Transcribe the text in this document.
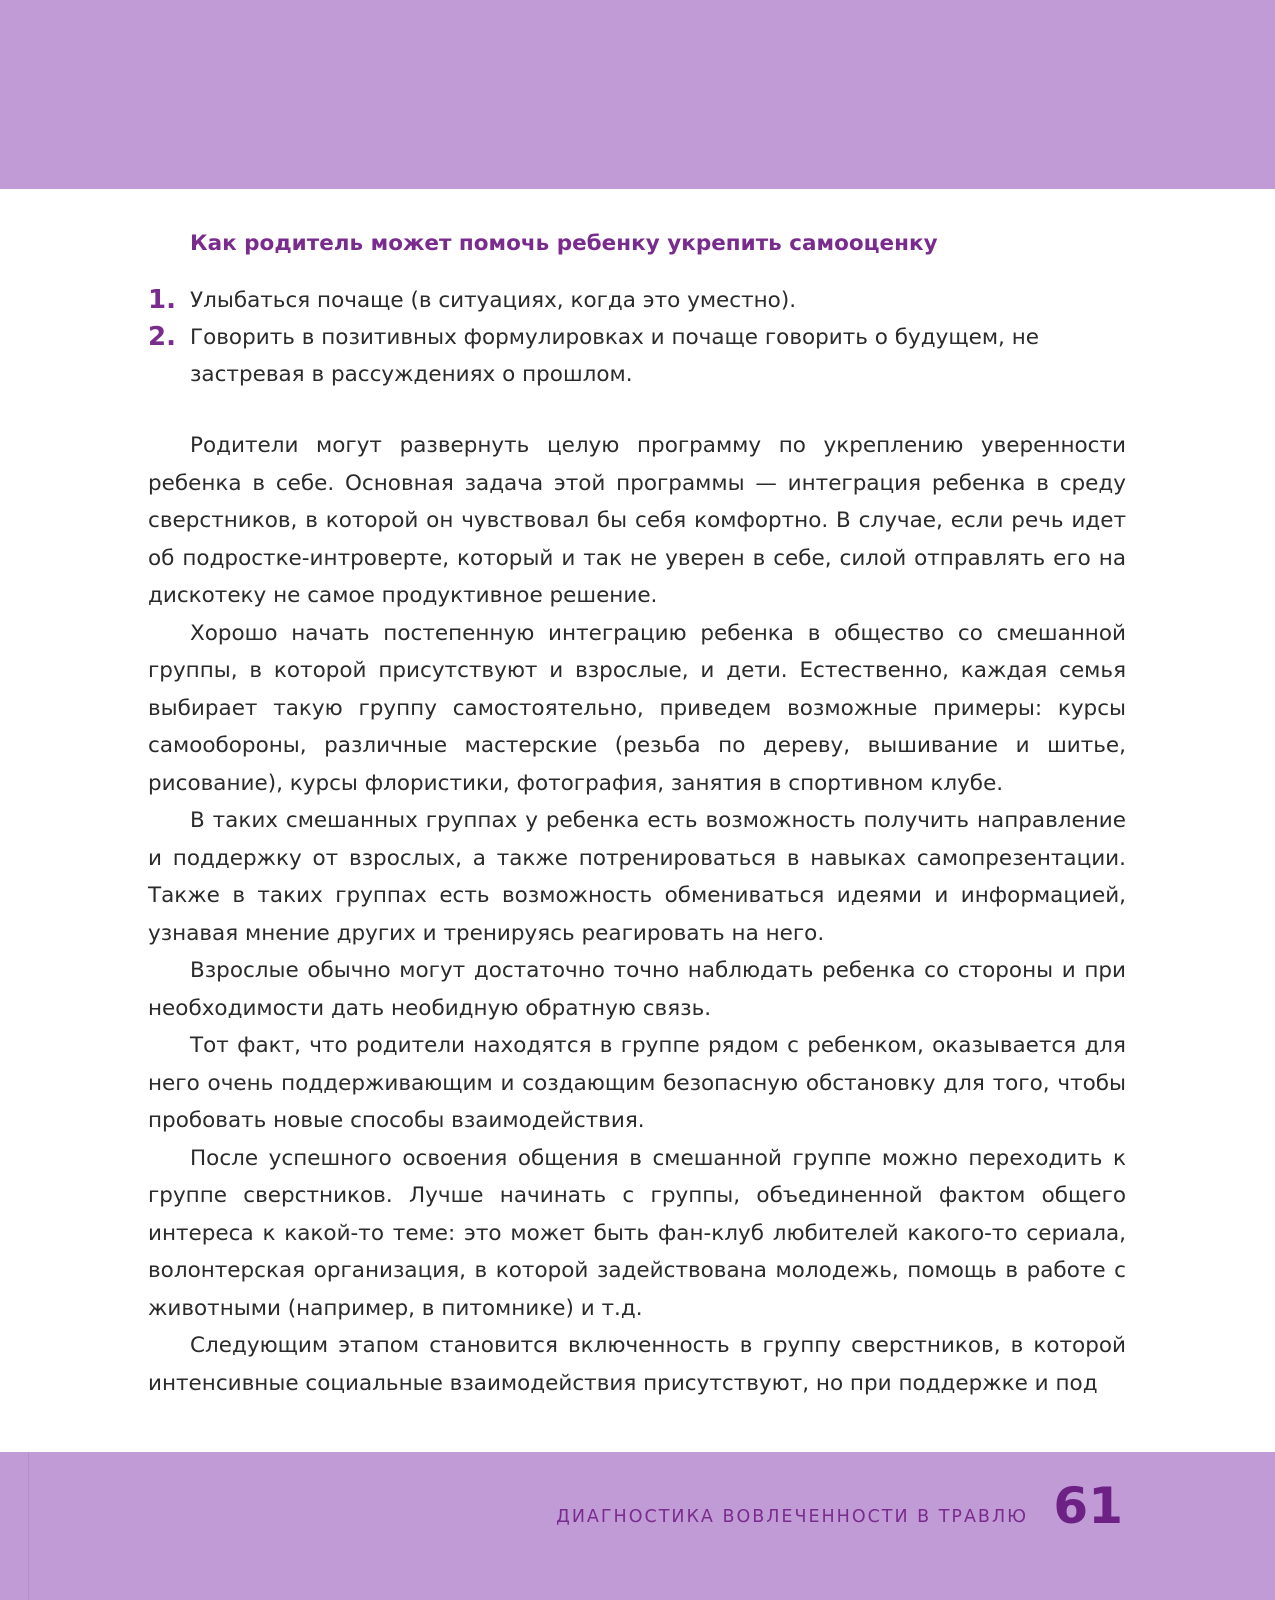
Как родитель может помочь ребенку укрепить самооценку
1. Улыбаться почаще (в ситуациях, когда это уместно).
2. Говорить в позитивных формулировках и почаще говорить о будущем, не застревая в рассуждениях о прошлом.

Родители могут развернуть целую программу по укреплению уверенности ребенка в себе. Основная задача этой программы — интеграция ребенка в среду сверстников, в которой он чувствовал бы себя комфортно. В случае, если речь идет об подростке-интроверте, который и так не уверен в себе, силой отправлять его на дискотеку не самое продуктивное решение.

Хорошо начать постепенную интеграцию ребенка в общество со смешанной группы, в которой присутствуют и взрослые, и дети. Естественно, каждая семья выбирает такую группу самостоятельно, приведем возможные примеры: курсы самообороны, различные мастерские (резьба по дереву, вышивание и шитье, рисование), курсы флористики, фотография, занятия в спортивном клубе.

В таких смешанных группах у ребенка есть возможность получить направление и поддержку от взрослых, а также потренироваться в навыках самопрезентации. Также в таких группах есть возможность обмениваться идеями и информацией, узнавая мнение других и тренируясь реагировать на него.

Взрослые обычно могут достаточно точно наблюдать ребенка со стороны и при необходимости дать необидную обратную связь.

Тот факт, что родители находятся в группе рядом с ребенком, оказывается для него очень поддерживающим и создающим безопасную обстановку для того, чтобы пробовать новые способы взаимодействия.

После успешного освоения общения в смешанной группе можно переходить к группе сверстников. Лучше начинать с группы, объединенной фактом общего интереса к какой-то теме: это может быть фан-клуб любителей какого-то сериала, волонтерская организация, в которой задействована молодежь, помощь в работе с животными (например, в питомнике) и т.д.

Следующим этапом становится включенность в группу сверстников, в которой интенсивные социальные взаимодействия присутствуют, но при поддержке и под

ДИАГНОСТИКА ВОВЛЕЧЕННОСТИ В ТРАВЛЮ 61
